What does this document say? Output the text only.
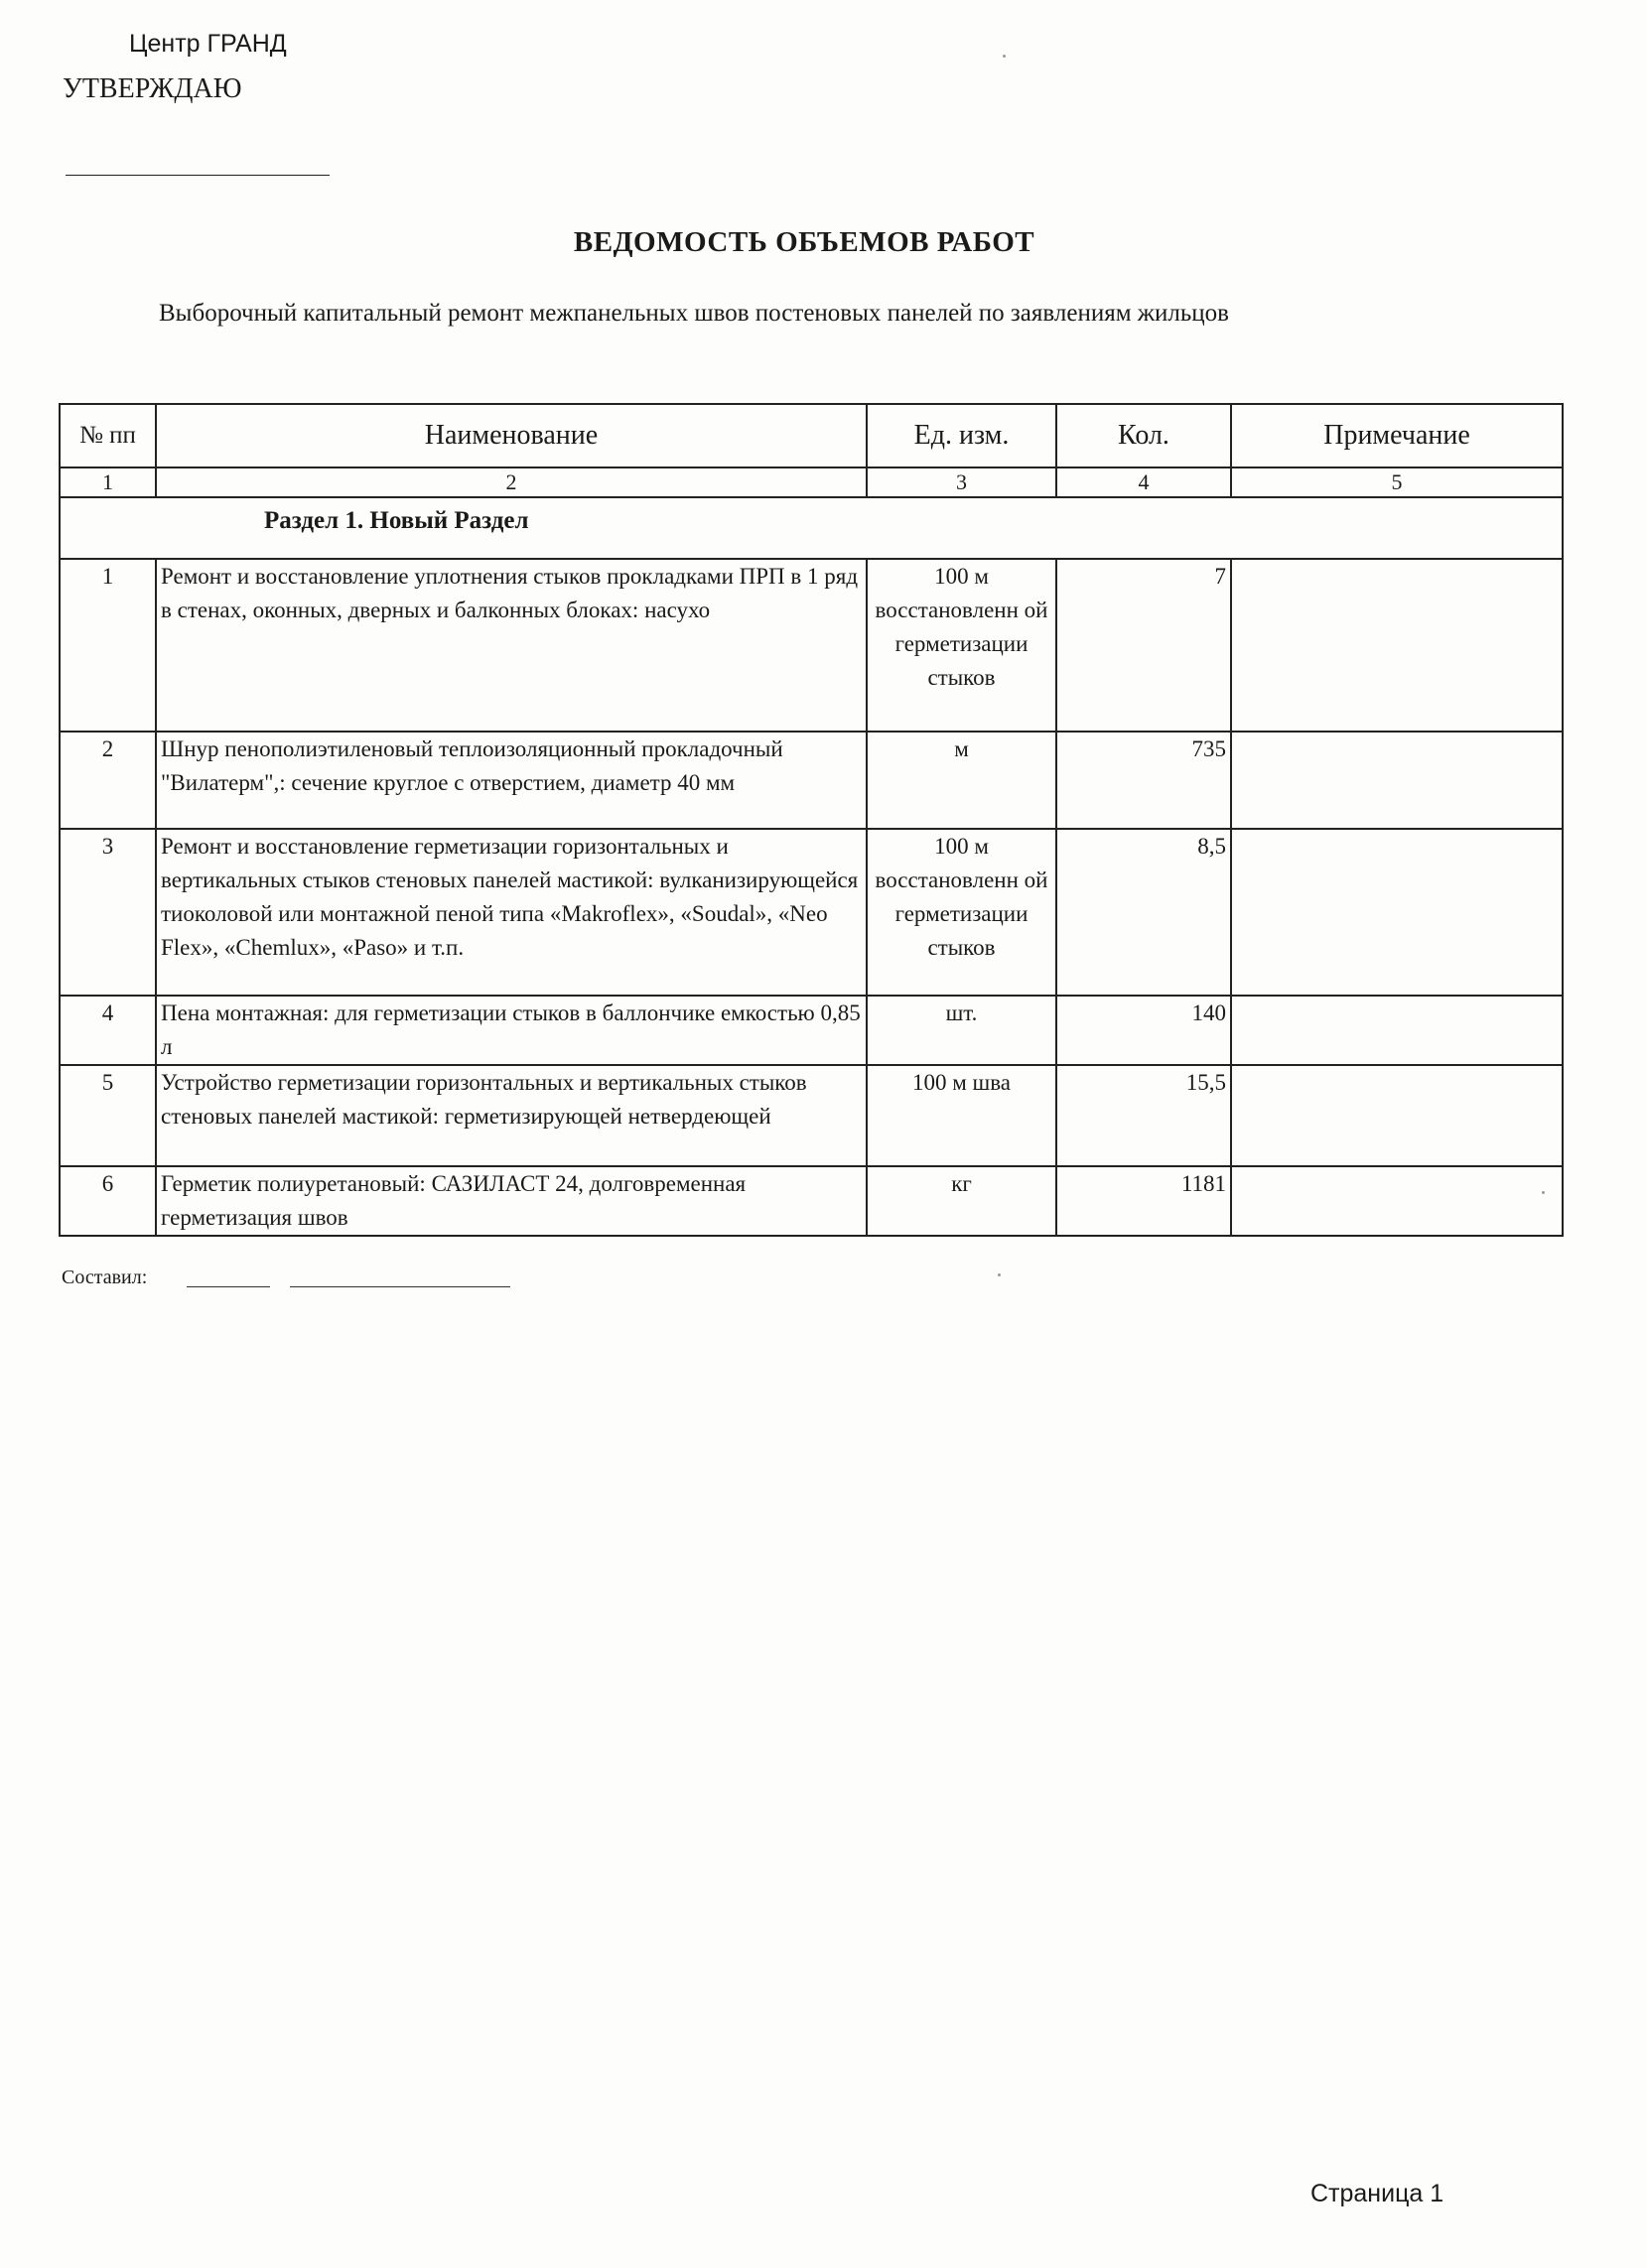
Центр ГРАНД
УТВЕРЖДАЮ
ВЕДОМОСТЬ ОБЪЕМОВ РАБОТ
Выборочный капитальный ремонт межпанельных швов постеновых панелей по заявлениям жильцов
№ пп	Наименование	Ед. изм.	Кол.	Примечание
1	2	3	4	5
Раздел 1. Новый Раздел				
1	Ремонт и восстановление уплотнения стыков прокладками ПРП в 1 ряд в стенах, оконных, дверных и балконных блоках: насухо	100 м восстановленн ой герметизации стыков	7	
2	Шнур пенополиэтиленовый теплоизоляционный прокладочный "Вилатерм",: сечение круглое с отверстием, диаметр 40 мм	м	735	
3	Ремонт и восстановление герметизации горизонтальных и вертикальных стыков стеновых панелей мастикой: вулканизирующейся тиоколовой или монтажной пеной типа «Makroflex», «Soudal», «Neo Flex», «Chemlux», «Paso» и т.п.	100 м восстановленн ой герметизации стыков	8,5	
4	Пена монтажная: для герметизации стыков в баллончике емкостью 0,85 л	шт.	140	
5	Устройство герметизации горизонтальных и вертикальных стыков стеновых панелей мастикой: герметизирующей нетвердеющей	100 м шва	15,5	
6	Герметик полиуретановый: САЗИЛАСТ 24, долговременная герметизация швов	кг	1181	
Составил:
Страница 1
